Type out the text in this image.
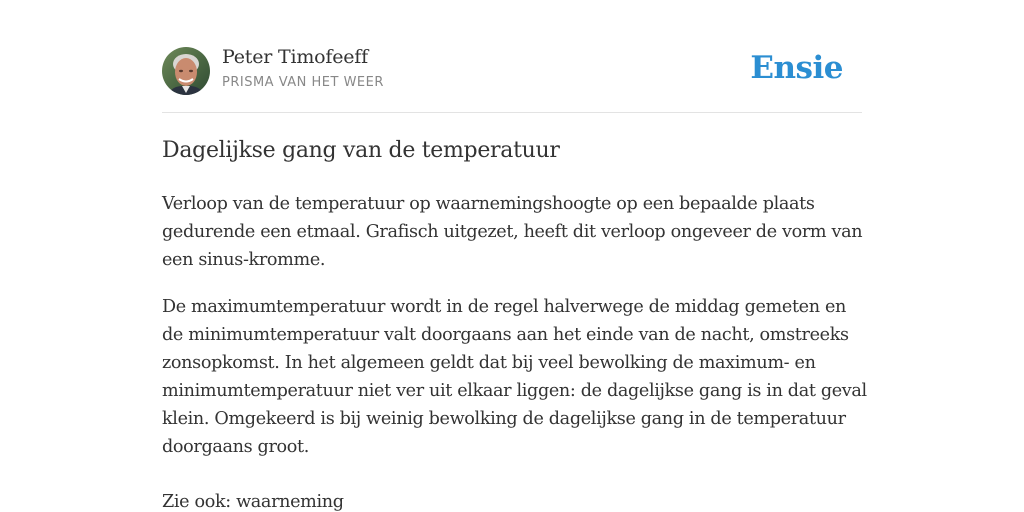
Peter Timofeeff
PRISMA VAN HET WEER	Ensie
Dagelijkse gang van de temperatuur

Verloop van de temperatuur op waarnemingshoogte op een bepaalde plaats gedurende een etmaal. Grafisch uitgezet, heeft dit verloop ongeveer de vorm van een sinus-kromme.

De maximumtemperatuur wordt in de regel halverwege de middag gemeten en de minimumtemperatuur valt doorgaans aan het einde van de nacht, omstreeks zonsopkomst. In het algemeen geldt dat bij veel bewolking de maximum- en minimumtemperatuur niet ver uit elkaar liggen: de dagelijkse gang is in dat geval klein. Omgekeerd is bij weinig bewolking de dagelijkse gang in de temperatuur doorgaans groot.

Zie ook: waarneming
